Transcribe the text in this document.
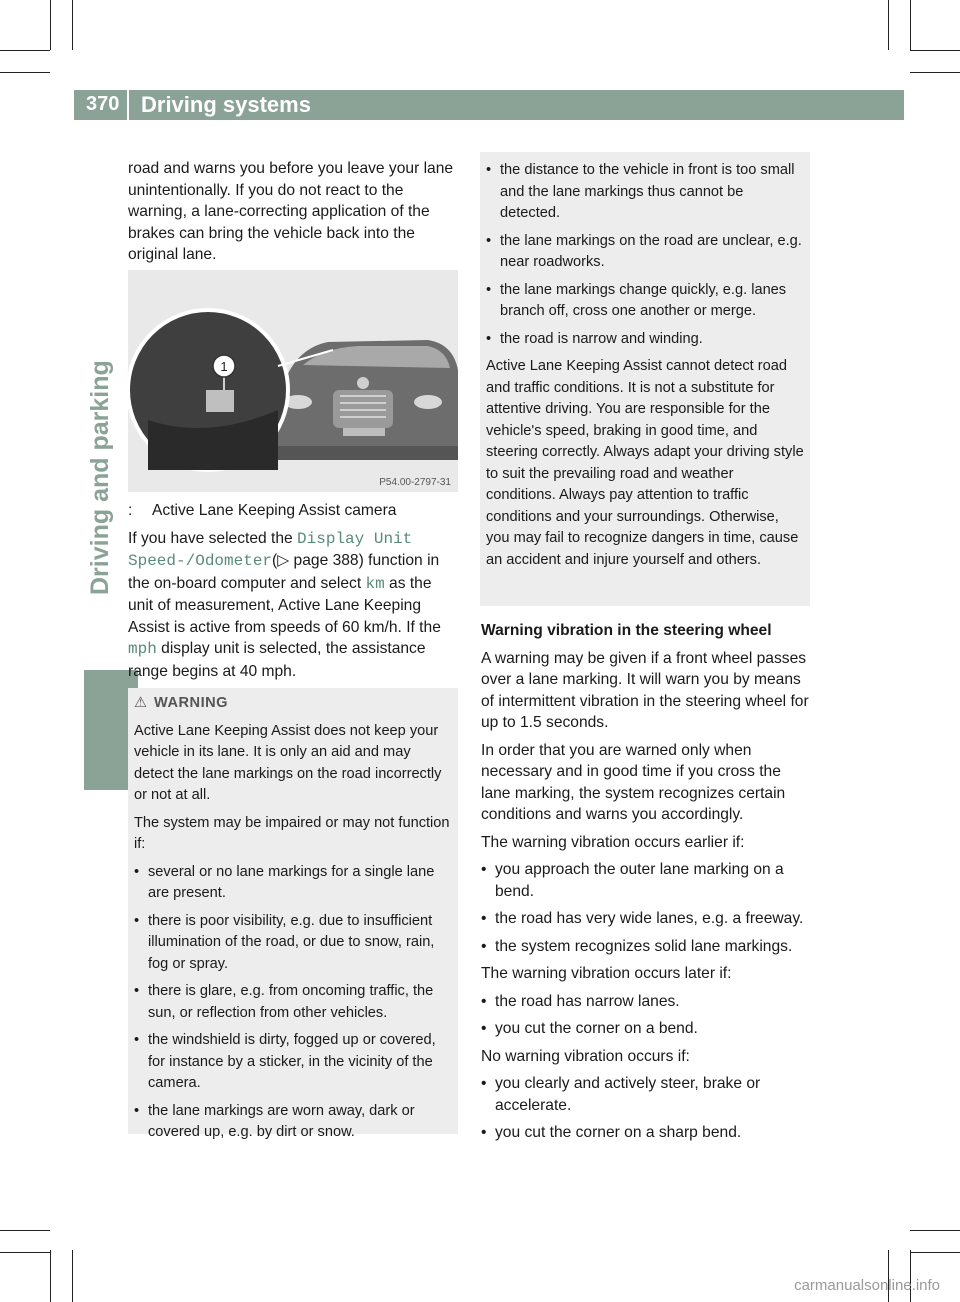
370 Driving systems
Driving and parking

road and warns you before you leave your lane unintentionally. If you do not react to the warning, a lane-correcting application of the brakes can bring the vehicle back into the original lane.

1
P54.00-2797-31

: Active Lane Keeping Assist camera

If you have selected the Display Unit Speed-/Odometer(▷ page 388) function in the on-board computer and select km as the unit of measurement, Active Lane Keeping Assist is active from speeds of 60 km/h. If the mph display unit is selected, the assistance range begins at 40 mph.

⚠ WARNING

Active Lane Keeping Assist does not keep your vehicle in its lane. It is only an aid and may detect the lane markings on the road incorrectly or not at all.

The system may be impaired or may not function if:

• several or no lane markings for a single lane are present.
• there is poor visibility, e.g. due to insufficient illumination of the road, or due to snow, rain, fog or spray.
• there is glare, e.g. from oncoming traffic, the sun, or reflection from other vehicles.
• the windshield is dirty, fogged up or covered, for instance by a sticker, in the vicinity of the camera.
• the lane markings are worn away, dark or covered up, e.g. by dirt or snow.
• the distance to the vehicle in front is too small and the lane markings thus cannot be detected.
• the lane markings on the road are unclear, e.g. near roadworks.
• the lane markings change quickly, e.g. lanes branch off, cross one another or merge.
• the road is narrow and winding.

Active Lane Keeping Assist cannot detect road and traffic conditions. It is not a substitute for attentive driving. You are responsible for the vehicle's speed, braking in good time, and steering correctly. Always adapt your driving style to suit the prevailing road and weather conditions. Always pay attention to traffic conditions and your surroundings. Otherwise, you may fail to recognize dangers in time, cause an accident and injure yourself and others.

Warning vibration in the steering wheel

A warning may be given if a front wheel passes over a lane marking. It will warn you by means of intermittent vibration in the steering wheel for up to 1.5 seconds.

In order that you are warned only when necessary and in good time if you cross the lane marking, the system recognizes certain conditions and warns you accordingly.

The warning vibration occurs earlier if:

• you approach the outer lane marking on a bend.
• the road has very wide lanes, e.g. a freeway.
• the system recognizes solid lane markings.

The warning vibration occurs later if:

• the road has narrow lanes.
• you cut the corner on a bend.

No warning vibration occurs if:

• you clearly and actively steer, brake or accelerate.
• you cut the corner on a sharp bend.
carmanualsonline.info
